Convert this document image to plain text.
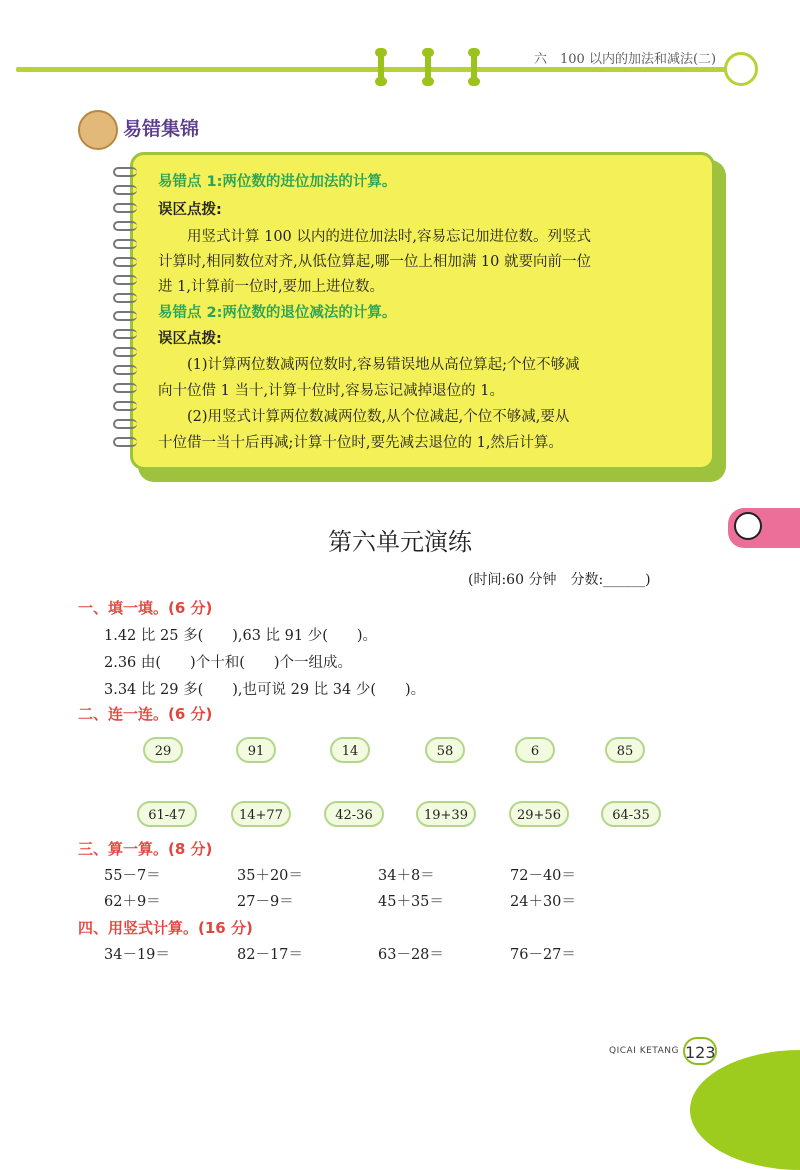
六　100 以内的加法和减法(二)
易错集锦
易错点 1:两位数的进位加法的计算。
误区点拨:
　　用竖式计算 100 以内的进位加法时,容易忘记加进位数。列竖式
计算时,相同数位对齐,从低位算起,哪一位上相加满 10 就要向前一位
进 1,计算前一位时,要加上进位数。
易错点 2:两位数的退位减法的计算。
误区点拨:
　　(1)计算两位数减两位数时,容易错误地从高位算起;个位不够减
向十位借 1 当十,计算十位时,容易忘记减掉退位的 1。
　　(2)用竖式计算两位数减两位数,从个位减起,个位不够减,要从
十位借一当十后再减;计算十位时,要先减去退位的 1,然后计算。
第六单元演练
(时间:60 分钟　分数:______)
一、填一填。(6 分)
1.42 比 25 多(　　),63 比 91 少(　　)。
2.36 由(　　)个十和(　　)个一组成。
3.34 比 29 多(　　),也可说 29 比 34 少(　　)。
二、连一连。(6 分)
29	91	14	58	6	85
61-47	14+77	42-36	19+39	29+56	64-35
三、算一算。(8 分)
55－7＝	35＋20＝	34＋8＝	72－40＝
62＋9＝	27－9＝	45＋35＝	24＋30＝
四、用竖式计算。(16 分)
34－19＝	82－17＝	63－28＝	76－27＝
QICAI KETANG 123
